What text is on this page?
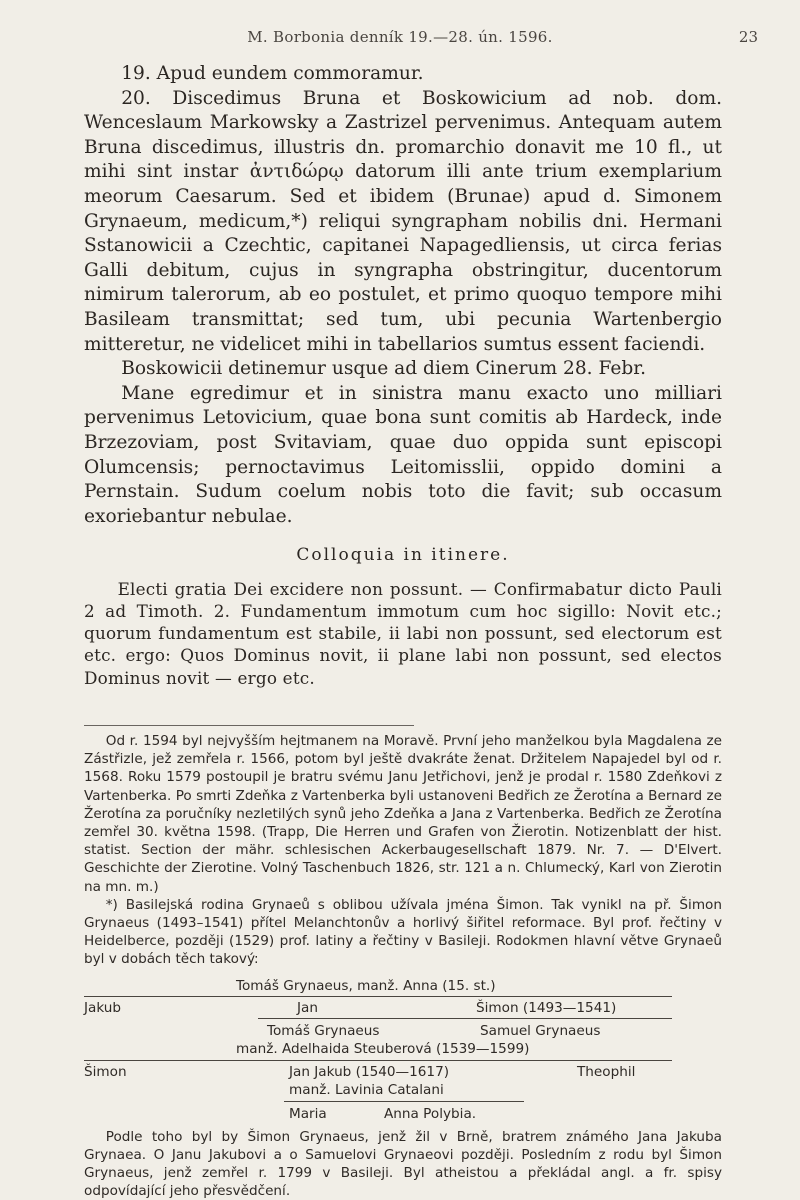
M. Borbonia denník 19.—28. ún. 1596.	23

19. Apud eundem commoramur.

20. Discedimus Bruna et Boskowicium ad nob. dom. Wenceslaum Markowsky a Zastrizel pervenimus. Antequam autem Bruna discedimus, illustris dn. promarchio donavit me 10 fl., ut mihi sint instar ἀντιδώρῳ datorum illi ante trium exemplarium meorum Caesarum. Sed et ibidem (Brunae) apud d. Simonem Grynaeum, medicum,*) reliqui syngrapham nobilis dni. Hermani Sstanowicii a Czechtic, capitanei Napagedliensis, ut circa ferias Galli debitum, cujus in syngrapha obstringitur, ducentorum nimirum talerorum, ab eo postulet, et primo quoquo tempore mihi Basileam transmittat; sed tum, ubi pecunia Wartenbergio mitteretur, ne videlicet mihi in tabellarios sumtus essent faciendi.

Boskowicii detinemur usque ad diem Cinerum 28. Febr.

Mane egredimur et in sinistra manu exacto uno milliari pervenimus Letovicium, quae bona sunt comitis ab Hardeck, inde Brzezoviam, post Svitaviam, quae duo oppida sunt episcopi Olumcensis; pernoctavimus Leitomisslii, oppido domini a Pernstain. Sudum coelum nobis toto die favit; sub occasum exoriebantur nebulae.

Colloquia in itinere.

Electi gratia Dei excidere non possunt. — Confirmabatur dicto Pauli 2 ad Timoth. 2. Fundamentum immotum cum hoc sigillo: Novit etc.; quorum fundamentum est stabile, ii labi non possunt, sed electorum est etc. ergo: Quos Dominus novit, ii plane labi non possunt, sed electos Dominus novit — ergo etc.

Od r. 1594 byl nejvyšším hejtmanem na Moravě. První jeho manželkou byla Magdalena ze Zástřizle, jež zemřela r. 1566, potom byl ještě dvakráte ženat. Držitelem Napajedel byl od r. 1568. Roku 1579 postoupil je bratru svému Janu Jetřichovi, jenž je prodal r. 1580 Zdeňkovi z Vartenberka. Po smrti Zdeňka z Vartenberka byli ustanoveni Bedřich ze Žerotína a Bernard ze Žerotína za poručníky nezletilých synů jeho Zdeňka a Jana z Vartenberka. Bedřich ze Žerotína zemřel 30. května 1598. (Trapp, Die Herren und Grafen von Žierotin. Notizenblatt der hist. statist. Section der mähr. schlesischen Ackerbaugesellschaft 1879. Nr. 7. — D'Elvert. Geschichte der Zierotine. Volný Taschenbuch 1826, str. 121 a n. Chlumecký, Karl von Zierotin na mn. m.)

*) Basilejská rodina Grynaeů s oblibou užívala jména Šimon. Tak vynikl na př. Šimon Grynaeus (1493–1541) přítel Melanchtonův a horlivý šiřitel reformace. Byl prof. řečtiny v Heidelberce, později (1529) prof. latiny a řečtiny v Basileji. Rodokmen hlavní větve Grynaeů byl v dobách těch takový:

Tomáš Grynaeus, manž. Anna (15. st.)
Jakub	Jan	Šimon (1493—1541)
Tomáš Grynaeus	Samuel Grynaeus
manž. Adelhaida Steuberová (1539—1599)
Šimon	Jan Jakub (1540—1617)	Theophil
manž. Lavinia Catalani
Maria	Anna Polybia.

Podle toho byl by Šimon Grynaeus, jenž žil v Brně, bratrem známého Jana Jakuba Grynaea. O Janu Jakubovi a o Samuelovi Grynaeovi později. Posledním z rodu byl Šimon Grynaeus, jenž zemřel r. 1799 v Basileji. Byl atheistou a překládal angl. a fr. spisy odpovídající jeho přesvědčení.
